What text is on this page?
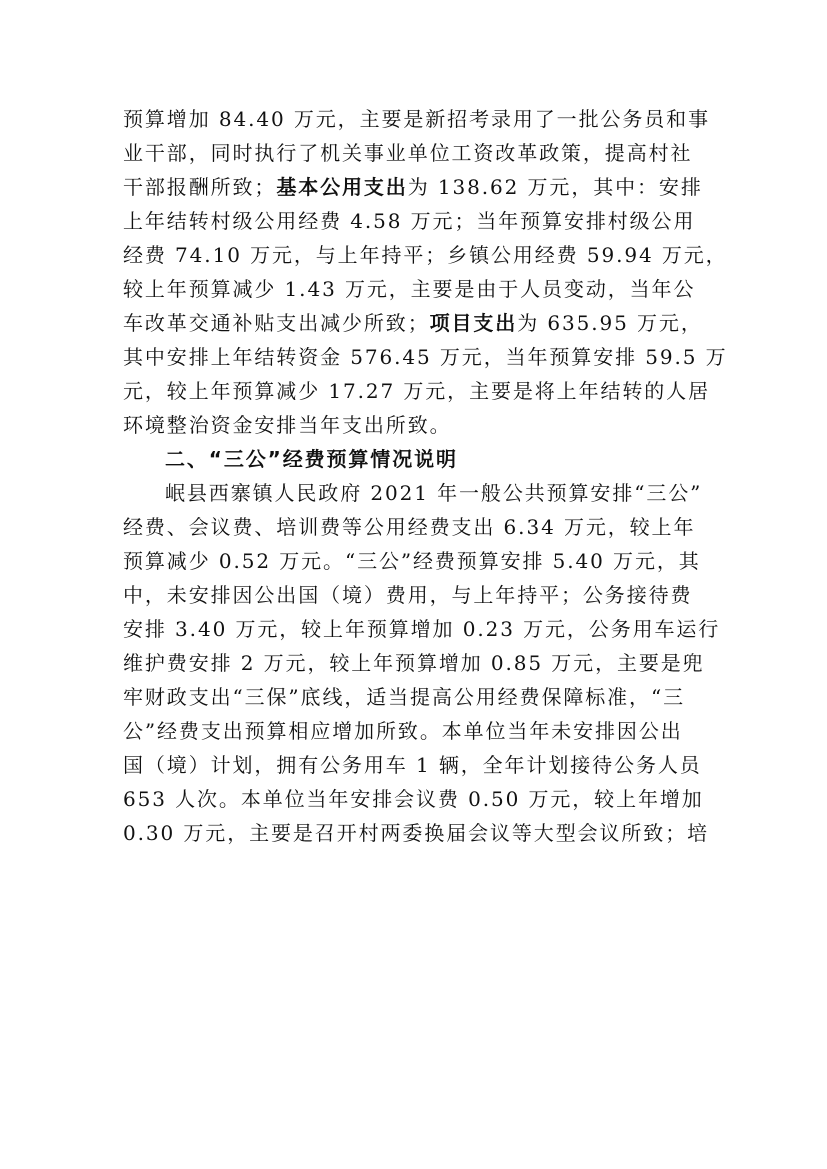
预算增加 84.40 万元，主要是新招考录用了一批公务员和事
业干部，同时执行了机关事业单位工资改革政策，提高村社
干部报酬所致；基本公用支出为 138.62 万元，其中：安排
上年结转村级公用经费 4.58 万元；当年预算安排村级公用
经费 74.10 万元，与上年持平；乡镇公用经费 59.94 万元，
较上年预算减少 1.43 万元，主要是由于人员变动，当年公
车改革交通补贴支出减少所致；项目支出为 635.95 万元，
其中安排上年结转资金 576.45 万元，当年预算安排 59.5 万
元，较上年预算减少 17.27 万元，主要是将上年结转的人居
环境整治资金安排当年支出所致。
二、“三公”经费预算情况说明
岷县西寨镇人民政府 2021 年一般公共预算安排“三公”
经费、会议费、培训费等公用经费支出 6.34 万元，较上年
预算减少 0.52 万元。“三公”经费预算安排 5.40 万元，其
中，未安排因公出国（境）费用，与上年持平；公务接待费
安排 3.40 万元，较上年预算增加 0.23 万元，公务用车运行
维护费安排 2 万元，较上年预算增加 0.85 万元，主要是兜
牢财政支出“三保”底线，适当提高公用经费保障标准，“三
公”经费支出预算相应增加所致。本单位当年未安排因公出
国（境）计划，拥有公务用车 1 辆，全年计划接待公务人员
653 人次。本单位当年安排会议费 0.50 万元，较上年增加
0.30 万元，主要是召开村两委换届会议等大型会议所致；培
